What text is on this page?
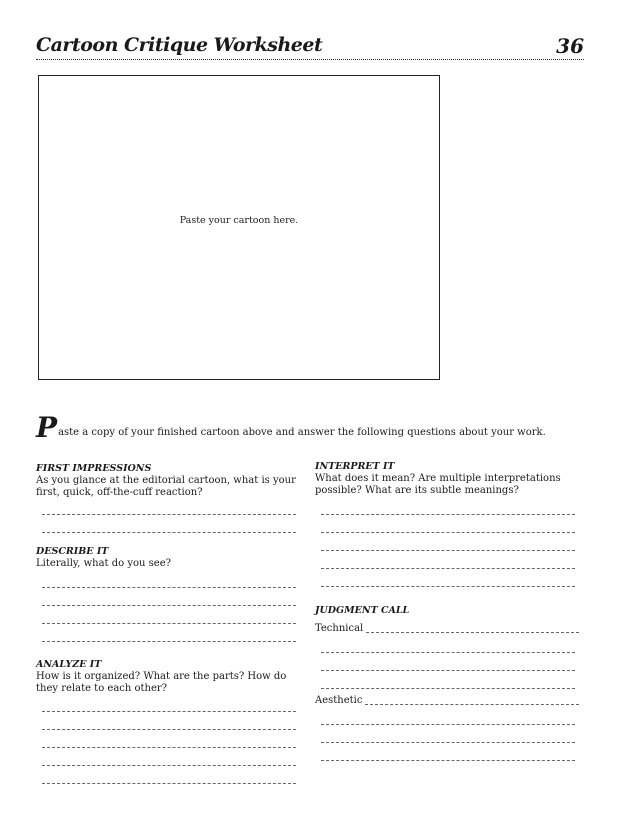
Cartoon Critique Worksheet	36
Paste your cartoon here.
Paste a copy of your finished cartoon above and answer the following questions about your work.
FIRST IMPRESSIONS
As you glance at the editorial cartoon, what is your first, quick, off-the-cuff reaction?
DESCRIBE IT
Literally, what do you see?
ANALYZE IT
How is it organized? What are the parts? How do they relate to each other?
INTERPRET IT
What does it mean? Are multiple interpretations possible? What are its subtle meanings?
JUDGMENT CALL
Technical
Aesthetic
